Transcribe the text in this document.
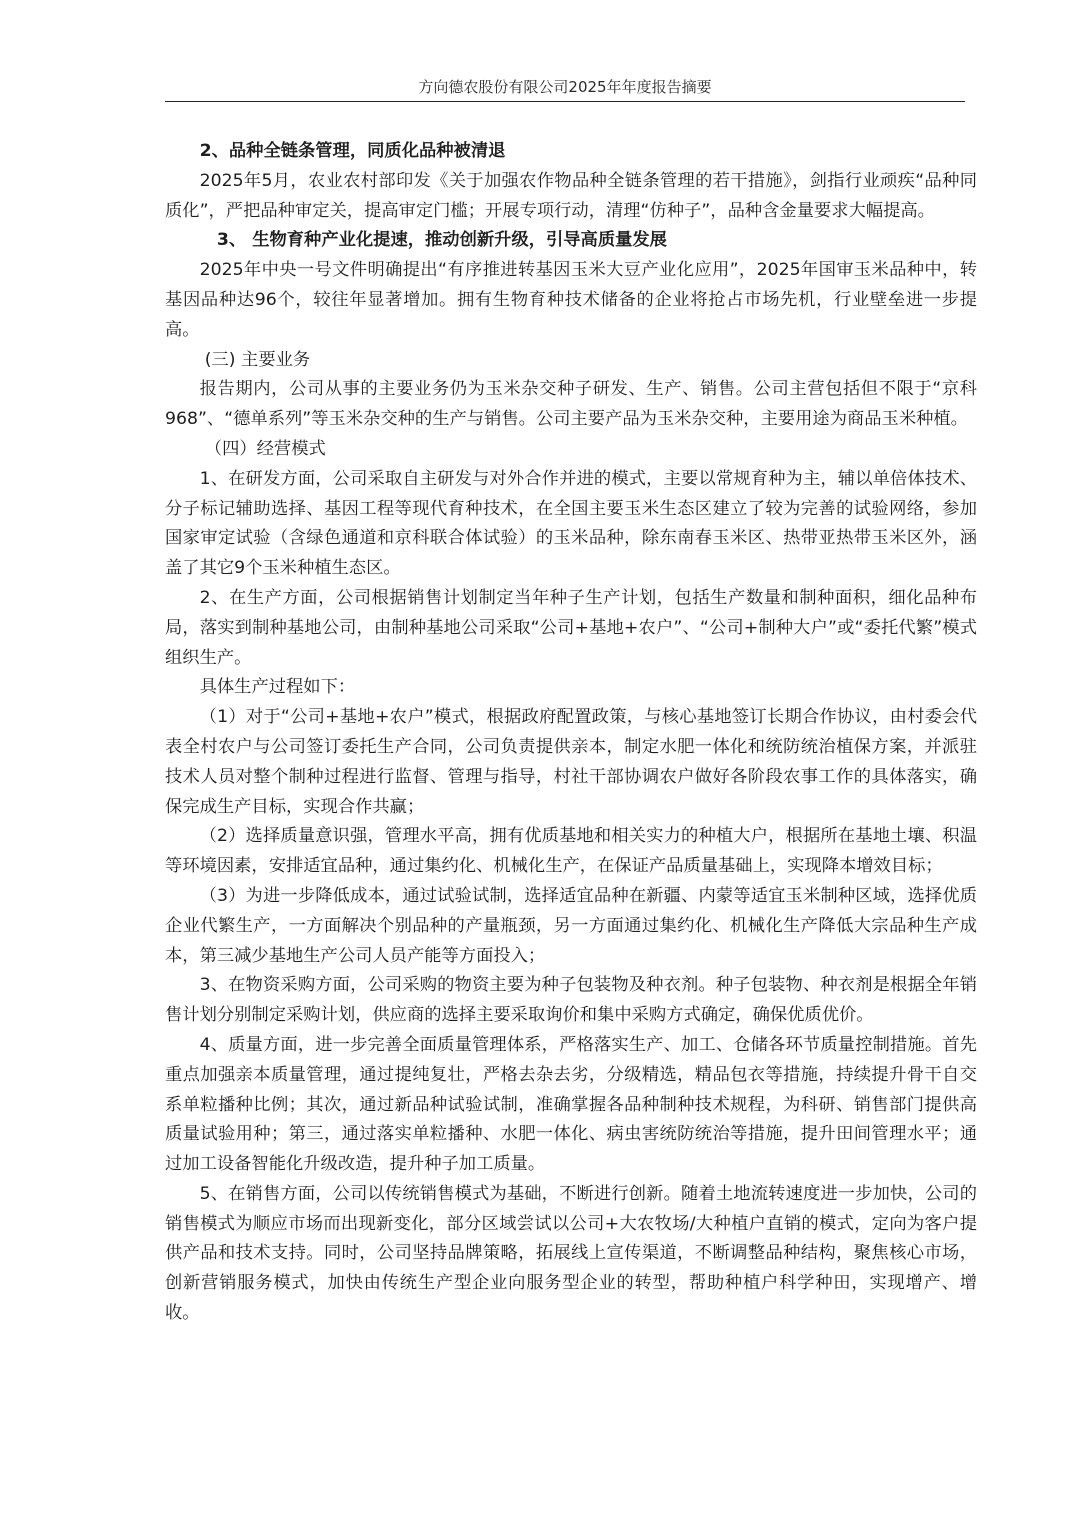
方向德农股份有限公司2025年年度报告摘要

2、品种全链条管理，同质化品种被清退

2025年5月，农业农村部印发《关于加强农作物品种全链条管理的若干措施》，剑指行业顽疾“品种同质化”，严把品种审定关，提高审定门槛；开展专项行动，清理“仿种子”，品种含金量要求大幅提高。

3、 生物育种产业化提速，推动创新升级，引导高质量发展

2025年中央一号文件明确提出“有序推进转基因玉米大豆产业化应用”，2025年国审玉米品种中，转基因品种达96个，较往年显著增加。拥有生物育种技术储备的企业将抢占市场先机，行业壁垒进一步提高。

(三) 主要业务

报告期内，公司从事的主要业务仍为玉米杂交种子研发、生产、销售。公司主营包括但不限于“京科968”、“德单系列”等玉米杂交种的生产与销售。公司主要产品为玉米杂交种，主要用途为商品玉米种植。

（四）经营模式

1、在研发方面，公司采取自主研发与对外合作并进的模式，主要以常规育种为主，辅以单倍体技术、分子标记辅助选择、基因工程等现代育种技术，在全国主要玉米生态区建立了较为完善的试验网络，参加国家审定试验（含绿色通道和京科联合体试验）的玉米品种，除东南春玉米区、热带亚热带玉米区外，涵盖了其它9个玉米种植生态区。

2、在生产方面，公司根据销售计划制定当年种子生产计划，包括生产数量和制种面积，细化品种布局，落实到制种基地公司，由制种基地公司采取“公司+基地+农户”、“公司+制种大户”或“委托代繁”模式组织生产。

具体生产过程如下：

（1）对于“公司+基地+农户”模式，根据政府配置政策，与核心基地签订长期合作协议，由村委会代表全村农户与公司签订委托生产合同，公司负责提供亲本，制定水肥一体化和统防统治植保方案，并派驻技术人员对整个制种过程进行监督、管理与指导，村社干部协调农户做好各阶段农事工作的具体落实，确保完成生产目标，实现合作共赢；

（2）选择质量意识强，管理水平高，拥有优质基地和相关实力的种植大户，根据所在基地土壤、积温等环境因素，安排适宜品种，通过集约化、机械化生产，在保证产品质量基础上，实现降本增效目标；

（3）为进一步降低成本，通过试验试制，选择适宜品种在新疆、内蒙等适宜玉米制种区域，选择优质企业代繁生产，一方面解决个别品种的产量瓶颈，另一方面通过集约化、机械化生产降低大宗品种生产成本，第三减少基地生产公司人员产能等方面投入；

3、在物资采购方面，公司采购的物资主要为种子包装物及种衣剂。种子包装物、种衣剂是根据全年销售计划分别制定采购计划，供应商的选择主要采取询价和集中采购方式确定，确保优质优价。

4、质量方面，进一步完善全面质量管理体系，严格落实生产、加工、仓储各环节质量控制措施。首先重点加强亲本质量管理，通过提纯复壮，严格去杂去劣，分级精选，精品包衣等措施，持续提升骨干自交系单粒播种比例；其次，通过新品种试验试制，准确掌握各品种制种技术规程，为科研、销售部门提供高质量试验用种；第三，通过落实单粒播种、水肥一体化、病虫害统防统治等措施，提升田间管理水平；通过加工设备智能化升级改造，提升种子加工质量。

5、在销售方面，公司以传统销售模式为基础，不断进行创新。随着土地流转速度进一步加快，公司的销售模式为顺应市场而出现新变化，部分区域尝试以公司+大农牧场/大种植户直销的模式，定向为客户提供产品和技术支持。同时，公司坚持品牌策略，拓展线上宣传渠道，不断调整品种结构，聚焦核心市场，创新营销服务模式，加快由传统生产型企业向服务型企业的转型，帮助种植户科学种田，实现增产、增收。
